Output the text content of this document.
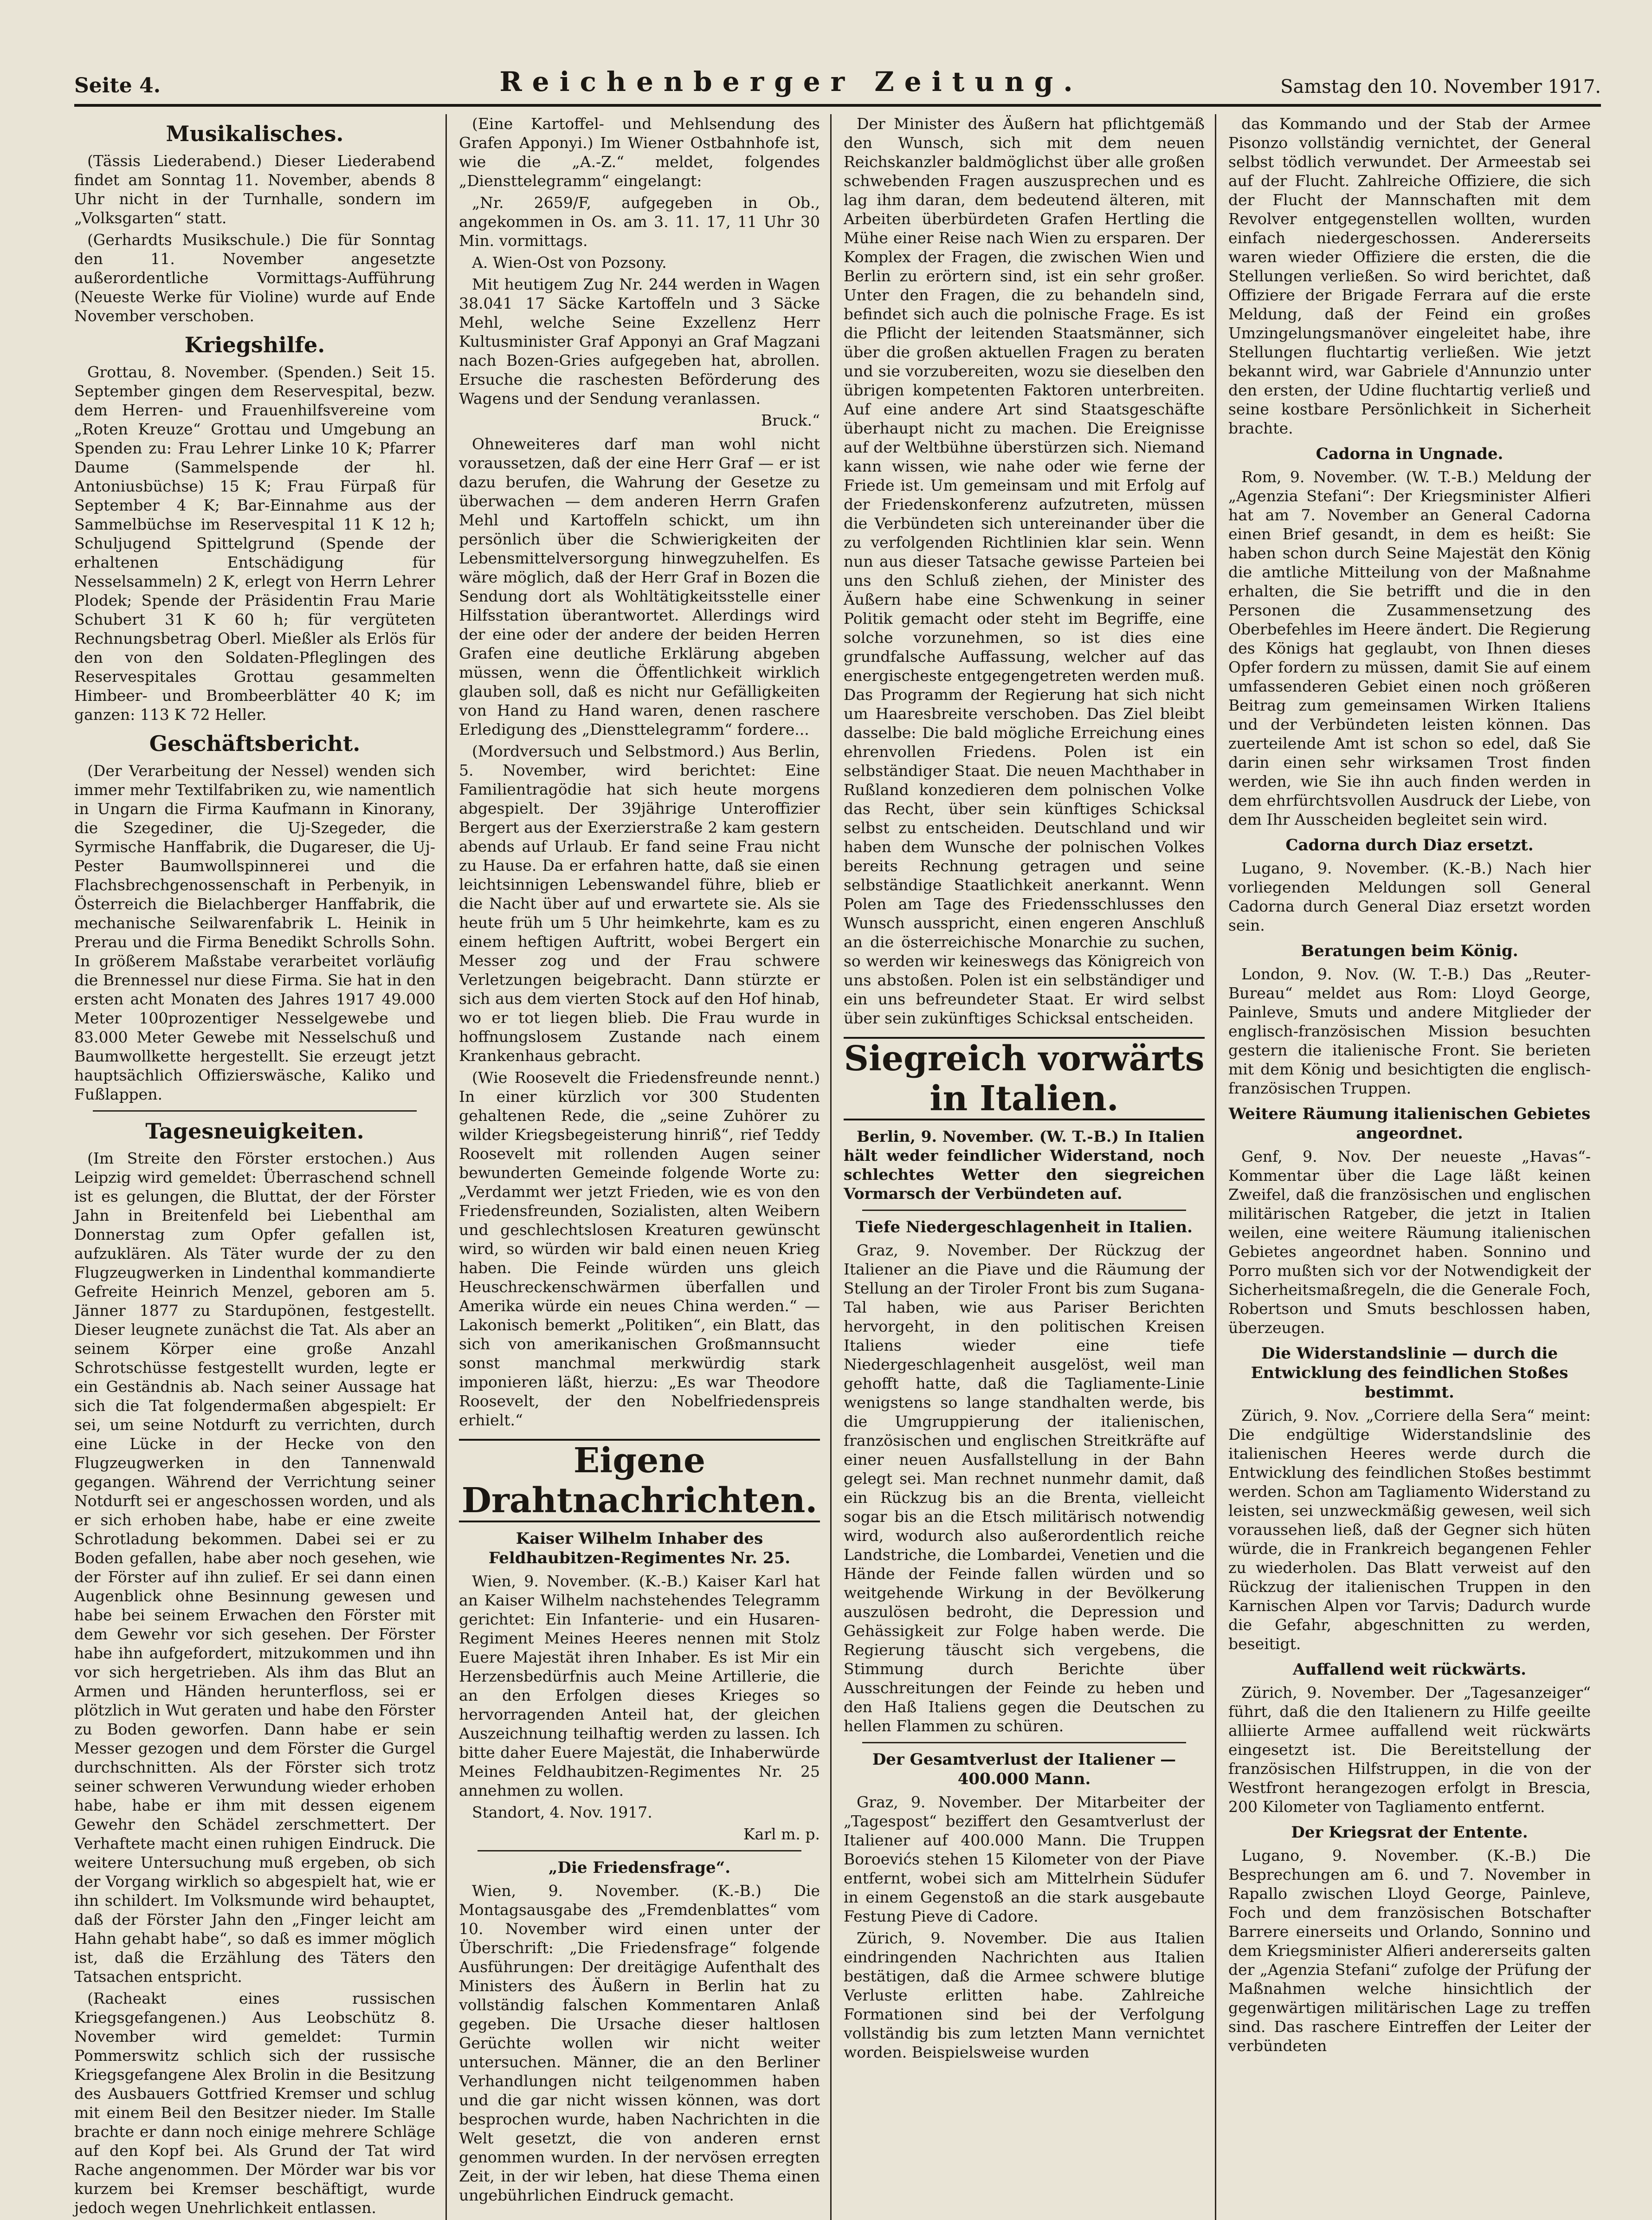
Seite 4.	Reichenberger Zeitung.	Samstag den 10. November 1917.
Musikalisches.

(Tässis Liederabend.) Dieser Liederabend findet am Sonntag 11. November, abends 8 Uhr nicht in der Turnhalle, sondern im „Volksgarten“ statt.

(Gerhardts Musikschule.) Die für Sonntag den 11. November angesetzte außerordentliche Vormittags-Aufführung (Neueste Werke für Violine) wurde auf Ende November verschoben.

Kriegshilfe.

Grottau, 8. November. (Spenden.) Seit 15. September gingen dem Reservespital, bezw. dem Herren- und Frauenhilfsvereine vom „Roten Kreuze“ Grottau und Umgebung an Spenden zu: Frau Lehrer Linke 10 K; Pfarrer Daume (Sammelspende der hl. Antoniusbüchse) 15 K; Frau Fürpaß für September 4 K; Bar-Einnahme aus der Sammelbüchse im Reservespital 11 K 12 h; Schuljugend Spittelgrund (Spende der erhaltenen Entschädigung für Nesselsammeln) 2 K, erlegt von Herrn Lehrer Plodek; Spende der Präsidentin Frau Marie Schubert 31 K 60 h; für vergüteten Rechnungsbetrag Oberl. Mießler als Erlös für den von den Soldaten-Pfleglingen des Reservespitales Grottau gesammelten Himbeer- und Brombeerblätter 40 K; im ganzen: 113 K 72 Heller.

Geschäftsbericht.

(Der Verarbeitung der Nessel) wenden sich immer mehr Textilfabriken zu, wie namentlich in Ungarn die Firma Kaufmann in Kinorany, die Szegediner, die Uj-Szegeder, die Syrmische Hanffabrik, die Dugareser, die Uj-Pester Baumwollspinnerei und die Flachsbrechgenossenschaft in Perbenyik, in Österreich die Bielachberger Hanffabrik, die mechanische Seilwarenfabrik L. Heinik in Prerau und die Firma Benedikt Schrolls Sohn. In größerem Maßstabe verarbeitet vorläufig die Brennessel nur diese Firma. Sie hat in den ersten acht Monaten des Jahres 1917 49.000 Meter 100prozentiger Nesselgewebe und 83.000 Meter Gewebe mit Nesselschuß und Baumwollkette hergestellt. Sie erzeugt jetzt hauptsächlich Offizierswäsche, Kaliko und Fußlappen.

Tagesneuigkeiten.

(Im Streite den Förster erstochen.) Aus Leipzig wird gemeldet: Überraschend schnell ist es gelungen, die Bluttat, der der Förster Jahn in Breitenfeld bei Liebenthal am Donnerstag zum Opfer gefallen ist, aufzuklären. Als Täter wurde der zu den Flugzeugwerken in Lindenthal kommandierte Gefreite Heinrich Menzel, geboren am 5. Jänner 1877 zu Stardupönen, festgestellt. Dieser leugnete zunächst die Tat. Als aber an seinem Körper eine große Anzahl Schrotschüsse festgestellt wurden, legte er ein Geständnis ab. Nach seiner Aussage hat sich die Tat folgendermaßen abgespielt: Er sei, um seine Notdurft zu verrichten, durch eine Lücke in der Hecke von den Flugzeugwerken in den Tannenwald gegangen. Während der Verrichtung seiner Notdurft sei er angeschossen worden, und als er sich erhoben habe, habe er eine zweite Schrotladung bekommen. Dabei sei er zu Boden gefallen, habe aber noch gesehen, wie der Förster auf ihn zulief. Er sei dann einen Augenblick ohne Besinnung gewesen und habe bei seinem Erwachen den Förster mit dem Gewehr vor sich gesehen. Der Förster habe ihn aufgefordert, mitzukommen und ihn vor sich hergetrieben. Als ihm das Blut an Armen und Händen herunterfloss, sei er plötzlich in Wut geraten und habe den Förster zu Boden geworfen. Dann habe er sein Messer gezogen und dem Förster die Gurgel durchschnitten. Als der Förster sich trotz seiner schweren Verwundung wieder erhoben habe, habe er ihm mit dessen eigenem Gewehr den Schädel zerschmettert. Der Verhaftete macht einen ruhigen Eindruck. Die weitere Untersuchung muß ergeben, ob sich der Vorgang wirklich so abgespielt hat, wie er ihn schildert. Im Volksmunde wird behauptet, daß der Förster Jahn den „Finger leicht am Hahn gehabt habe“, so daß es immer möglich ist, daß die Erzählung des Täters den Tatsachen entspricht.

(Racheakt eines russischen Kriegsgefangenen.) Aus Leobschütz 8. November wird gemeldet: Turmin Pommerswitz schlich sich der russische Kriegsgefangene Alex Brolin in die Besitzung des Ausbauers Gottfried Kremser und schlug mit einem Beil den Besitzer nieder. Im Stalle brachte er dann noch einige mehrere Schläge auf den Kopf bei. Als Grund der Tat wird Rache angenommen. Der Mörder war bis vor kurzem bei Kremser beschäftigt, wurde jedoch wegen Unehrlichkeit entlassen.

(Eine Kartoffel- und Mehlsendung des Grafen Apponyi.) Im Wiener Ostbahnhofe ist, wie die „A.-Z.“ meldet, folgendes „Diensttelegramm“ eingelangt:

„Nr. 2659/F, aufgegeben in Ob., angekommen in Os. am 3. 11. 17, 11 Uhr 30 Min. vormittags.

A. Wien-Ost von Pozsony.

Mit heutigem Zug Nr. 244 werden in Wagen 38.041 17 Säcke Kartoffeln und 3 Säcke Mehl, welche Seine Exzellenz Herr Kultusminister Graf Apponyi an Graf Magzani nach Bozen-Gries aufgegeben hat, abrollen. Ersuche die raschesten Beförderung des Wagens und der Sendung veranlassen.

Bruck.“

Ohneweiteres darf man wohl nicht voraussetzen, daß der eine Herr Graf — er ist dazu berufen, die Wahrung der Gesetze zu überwachen — dem anderen Herrn Grafen Mehl und Kartoffeln schickt, um ihn persönlich über die Schwierigkeiten der Lebensmittelversorgung hinwegzuhelfen. Es wäre möglich, daß der Herr Graf in Bozen die Sendung dort als Wohltätigkeitsstelle einer Hilfsstation überantwortet. Allerdings wird der eine oder der andere der beiden Herren Grafen eine deutliche Erklärung abgeben müssen, wenn die Öffentlichkeit wirklich glauben soll, daß es nicht nur Gefälligkeiten von Hand zu Hand waren, denen raschere Erledigung des „Diensttelegramm“ fordere...

(Mordversuch und Selbstmord.) Aus Berlin, 5. November, wird berichtet: Eine Familientragödie hat sich heute morgens abgespielt. Der 39jährige Unteroffizier Bergert aus der Exerzierstraße 2 kam gestern abends auf Urlaub. Er fand seine Frau nicht zu Hause. Da er erfahren hatte, daß sie einen leichtsinnigen Lebenswandel führe, blieb er die Nacht über auf und erwartete sie. Als sie heute früh um 5 Uhr heimkehrte, kam es zu einem heftigen Auftritt, wobei Bergert ein Messer zog und der Frau schwere Verletzungen beigebracht. Dann stürzte er sich aus dem vierten Stock auf den Hof hinab, wo er tot liegen blieb. Die Frau wurde in hoffnungslosem Zustande nach einem Krankenhaus gebracht.

(Wie Roosevelt die Friedensfreunde nennt.) In einer kürzlich vor 300 Studenten gehaltenen Rede, die „seine Zuhörer zu wilder Kriegsbegeisterung hinriß“, rief Teddy Roosevelt mit rollenden Augen seiner bewunderten Gemeinde folgende Worte zu: „Verdammt wer jetzt Frieden, wie es von den Friedensfreunden, Sozialisten, alten Weibern und geschlechtslosen Kreaturen gewünscht wird, so würden wir bald einen neuen Krieg haben. Die Feinde würden uns gleich Heuschreckenschwärmen überfallen und Amerika würde ein neues China werden.“ — Lakonisch bemerkt „Politiken“, ein Blatt, das sich von amerikanischen Großmannsucht sonst manchmal merkwürdig stark imponieren läßt, hierzu: „Es war Theodore Roosevelt, der den Nobelfriedenspreis erhielt.“

Eigene Drahtnachrichten.
Kaiser Wilhelm Inhaber des Feldhaubitzen-Regimentes Nr. 25.

Wien, 9. November. (K.-B.) Kaiser Karl hat an Kaiser Wilhelm nachstehendes Telegramm gerichtet: Ein Infanterie- und ein Husaren-Regiment Meines Heeres nennen mit Stolz Euere Majestät ihren Inhaber. Es ist Mir ein Herzensbedürfnis auch Meine Artillerie, die an den Erfolgen dieses Krieges so hervorragenden Anteil hat, der gleichen Auszeichnung teilhaftig werden zu lassen. Ich bitte daher Euere Majestät, die Inhaberwürde Meines Feldhaubitzen-Regimentes Nr. 25 annehmen zu wollen.

Standort, 4. Nov. 1917.

Karl m. p.
„Die Friedensfrage“.

Wien, 9. November. (K.-B.) Die Montagsausgabe des „Fremdenblattes“ vom 10. November wird einen unter der Überschrift: „Die Friedensfrage“ folgende Ausführungen: Der dreitägige Aufenthalt des Ministers des Äußern in Berlin hat zu vollständig falschen Kommentaren Anlaß gegeben. Die Ursache dieser haltlosen Gerüchte wollen wir nicht weiter untersuchen. Männer, die an den Berliner Verhandlungen nicht teilgenommen haben und die gar nicht wissen können, was dort besprochen wurde, haben Nachrichten in die Welt gesetzt, die von anderen ernst genommen wurden. In der nervösen erregten Zeit, in der wir leben, hat diese Thema einen ungebührlichen Eindruck gemacht.

Der Minister des Äußern hat pflichtgemäß den Wunsch, sich mit dem neuen Reichskanzler baldmöglichst über alle großen schwebenden Fragen auszusprechen und es lag ihm daran, dem bedeutend älteren, mit Arbeiten überbürdeten Grafen Hertling die Mühe einer Reise nach Wien zu ersparen. Der Komplex der Fragen, die zwischen Wien und Berlin zu erörtern sind, ist ein sehr großer. Unter den Fragen, die zu behandeln sind, befindet sich auch die polnische Frage. Es ist die Pflicht der leitenden Staatsmänner, sich über die großen aktuellen Fragen zu beraten und sie vorzubereiten, wozu sie dieselben den übrigen kompetenten Faktoren unterbreiten. Auf eine andere Art sind Staatsgeschäfte überhaupt nicht zu machen. Die Ereignisse auf der Weltbühne überstürzen sich. Niemand kann wissen, wie nahe oder wie ferne der Friede ist. Um gemeinsam und mit Erfolg auf der Friedenskonferenz aufzutreten, müssen die Verbündeten sich untereinander über die zu verfolgenden Richtlinien klar sein. Wenn nun aus dieser Tatsache gewisse Parteien bei uns den Schluß ziehen, der Minister des Äußern habe eine Schwenkung in seiner Politik gemacht oder steht im Begriffe, eine solche vorzunehmen, so ist dies eine grundfalsche Auffassung, welcher auf das energischeste entgegengetreten werden muß. Das Programm der Regierung hat sich nicht um Haaresbreite verschoben. Das Ziel bleibt dasselbe: Die bald mögliche Erreichung eines ehrenvollen Friedens. Polen ist ein selbständiger Staat. Die neuen Machthaber in Rußland konzedieren dem polnischen Volke das Recht, über sein künftiges Schicksal selbst zu entscheiden. Deutschland und wir haben dem Wunsche der polnischen Volkes bereits Rechnung getragen und seine selbständige Staatlichkeit anerkannt. Wenn Polen am Tage des Friedensschlusses den Wunsch ausspricht, einen engeren Anschluß an die österreichische Monarchie zu suchen, so werden wir keineswegs das Königreich von uns abstoßen. Polen ist ein selbständiger und ein uns befreundeter Staat. Er wird selbst über sein zukünftiges Schicksal entscheiden.

Siegreich vorwärts in Italien.

Berlin, 9. November. (W. T.-B.) In Italien hält weder feindlicher Widerstand, noch schlechtes Wetter den siegreichen Vormarsch der Verbündeten auf.

Tiefe Niedergeschlagenheit in Italien.

Graz, 9. November. Der Rückzug der Italiener an die Piave und die Räumung der Stellung an der Tiroler Front bis zum Sugana-Tal haben, wie aus Pariser Berichten hervorgeht, in den politischen Kreisen Italiens wieder eine tiefe Niedergeschlagenheit ausgelöst, weil man gehofft hatte, daß die Tagliamente-Linie wenigstens so lange standhalten werde, bis die Umgruppierung der italienischen, französischen und englischen Streitkräfte auf einer neuen Ausfallstellung in der Bahn gelegt sei. Man rechnet nunmehr damit, daß ein Rückzug bis an die Brenta, vielleicht sogar bis an die Etsch militärisch notwendig wird, wodurch also außerordentlich reiche Landstriche, die Lombardei, Venetien und die Hände der Feinde fallen würden und so weitgehende Wirkung in der Bevölkerung auszulösen bedroht, die Depression und Gehässigkeit zur Folge haben werde. Die Regierung täuscht sich vergebens, die Stimmung durch Berichte über Ausschreitungen der Feinde zu heben und den Haß Italiens gegen die Deutschen zu hellen Flammen zu schüren.

Der Gesamtverlust der Italiener — 400.000 Mann.

Graz, 9. November. Der Mitarbeiter der „Tagespost“ beziffert den Gesamtverlust der Italiener auf 400.000 Mann. Die Truppen Boroevićs stehen 15 Kilometer von der Piave entfernt, wobei sich am Mittelrhein Südufer in einem Gegenstoß an die stark ausgebaute Festung Pieve di Cadore.

Zürich, 9. November. Die aus Italien eindringenden Nachrichten aus Italien bestätigen, daß die Armee schwere blutige Verluste erlitten habe. Zahlreiche Formationen sind bei der Verfolgung vollständig bis zum letzten Mann vernichtet worden. Beispielsweise wurden

das Kommando und der Stab der Armee Pisonzo vollständig vernichtet, der General selbst tödlich verwundet. Der Armeestab sei auf der Flucht. Zahlreiche Offiziere, die sich der Flucht der Mannschaften mit dem Revolver entgegenstellen wollten, wurden einfach niedergeschossen. Andererseits waren wieder Offiziere die ersten, die die Stellungen verließen. So wird berichtet, daß Offiziere der Brigade Ferrara auf die erste Meldung, daß der Feind ein großes Umzingelungsmanöver eingeleitet habe, ihre Stellungen fluchtartig verließen. Wie jetzt bekannt wird, war Gabriele d'Annunzio unter den ersten, der Udine fluchtartig verließ und seine kostbare Persönlichkeit in Sicherheit brachte.

Cadorna in Ungnade.

Rom, 9. November. (W. T.-B.) Meldung der „Agenzia Stefani“: Der Kriegsminister Alfieri hat am 7. November an General Cadorna einen Brief gesandt, in dem es heißt: Sie haben schon durch Seine Majestät den König die amtliche Mitteilung von der Maßnahme erhalten, die Sie betrifft und die in den Personen die Zusammensetzung des Oberbefehles im Heere ändert. Die Regierung des Königs hat geglaubt, von Ihnen dieses Opfer fordern zu müssen, damit Sie auf einem umfassenderen Gebiet einen noch größeren Beitrag zum gemeinsamen Wirken Italiens und der Verbündeten leisten können. Das zuerteilende Amt ist schon so edel, daß Sie darin einen sehr wirksamen Trost finden werden, wie Sie ihn auch finden werden in dem ehrfürchtsvollen Ausdruck der Liebe, von dem Ihr Ausscheiden begleitet sein wird.

Cadorna durch Diaz ersetzt.

Lugano, 9. November. (K.-B.) Nach hier vorliegenden Meldungen soll General Cadorna durch General Diaz ersetzt worden sein.

Beratungen beim König.

London, 9. Nov. (W. T.-B.) Das „Reuter-Bureau“ meldet aus Rom: Lloyd George, Painleve, Smuts und andere Mitglieder der englisch-französischen Mission besuchten gestern die italienische Front. Sie berieten mit dem König und besichtigten die englisch-französischen Truppen.

Weitere Räumung italienischen Gebietes angeordnet.

Genf, 9. Nov. Der neueste „Havas“-Kommentar über die Lage läßt keinen Zweifel, daß die französischen und englischen militärischen Ratgeber, die jetzt in Italien weilen, eine weitere Räumung italienischen Gebietes angeordnet haben. Sonnino und Porro mußten sich vor der Notwendigkeit der Sicherheitsmaßregeln, die die Generale Foch, Robertson und Smuts beschlossen haben, überzeugen.

Die Widerstandslinie — durch die Entwicklung des feindlichen Stoßes bestimmt.

Zürich, 9. Nov. „Corriere della Sera“ meint: Die endgültige Widerstandslinie des italienischen Heeres werde durch die Entwicklung des feindlichen Stoßes bestimmt werden. Schon am Tagliamento Widerstand zu leisten, sei unzweckmäßig gewesen, weil sich voraussehen ließ, daß der Gegner sich hüten würde, die in Frankreich begangenen Fehler zu wiederholen. Das Blatt verweist auf den Rückzug der italienischen Truppen in den Karnischen Alpen vor Tarvis; Dadurch wurde die Gefahr, abgeschnitten zu werden, beseitigt.

Auffallend weit rückwärts.

Zürich, 9. November. Der „Tagesanzeiger“ führt, daß die den Italienern zu Hilfe geeilte alliierte Armee auffallend weit rückwärts eingesetzt ist. Die Bereitstellung der französischen Hilfstruppen, in die von der Westfront herangezogen erfolgt in Brescia, 200 Kilometer von Tagliamento entfernt.

Der Kriegsrat der Entente.

Lugano, 9. November. (K.-B.) Die Besprechungen am 6. und 7. November in Rapallo zwischen Lloyd George, Painleve, Foch und dem französischen Botschafter Barrere einerseits und Orlando, Sonnino und dem Kriegsminister Alfieri andererseits galten der „Agenzia Stefani“ zufolge der Prüfung der Maßnahmen welche hinsichtlich der gegenwärtigen militärischen Lage zu treffen sind. Das raschere Eintreffen der Leiter der verbündeten
